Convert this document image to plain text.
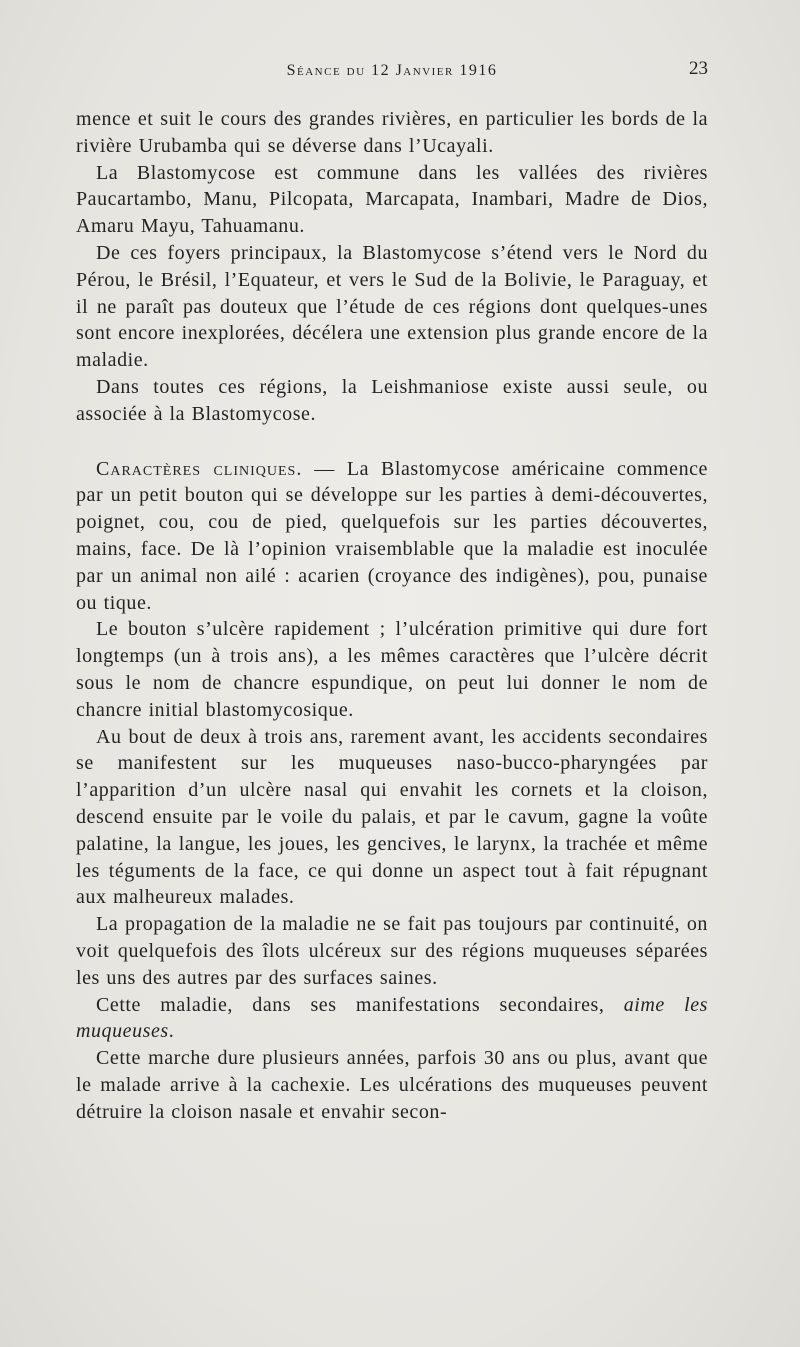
Séance du 12 Janvier 1916	23

mence et suit le cours des grandes rivières, en particulier les bords de la rivière Urubamba qui se déverse dans l’Ucayali.

La Blastomycose est commune dans les vallées des rivières Paucartambo, Manu, Pilcopata, Marcapata, Inambari, Madre de Dios, Amaru Mayu, Tahuamanu.

De ces foyers principaux, la Blastomycose s’étend vers le Nord du Pérou, le Brésil, l’Equateur, et vers le Sud de la Bolivie, le Paraguay, et il ne paraît pas douteux que l’étude de ces régions dont quelques-unes sont encore inexplorées, décélera une extension plus grande encore de la maladie.

Dans toutes ces régions, la Leishmaniose existe aussi seule, ou associée à la Blastomycose.

Caractères cliniques. — La Blastomycose américaine commence par un petit bouton qui se développe sur les parties à demi-découvertes, poignet, cou, cou de pied, quelquefois sur les parties découvertes, mains, face. De là l’opinion vraisemblable que la maladie est inoculée par un animal non ailé : acarien (croyance des indigènes), pou, punaise ou tique.

Le bouton s’ulcère rapidement ; l’ulcération primitive qui dure fort longtemps (un à trois ans), a les mêmes caractères que l’ulcère décrit sous le nom de chancre espundique, on peut lui donner le nom de chancre initial blastomycosique.

Au bout de deux à trois ans, rarement avant, les accidents secondaires se manifestent sur les muqueuses naso-bucco-pharyngées par l’apparition d’un ulcère nasal qui envahit les cornets et la cloison, descend ensuite par le voile du palais, et par le cavum, gagne la voûte palatine, la langue, les joues, les gencives, le larynx, la trachée et même les téguments de la face, ce qui donne un aspect tout à fait répugnant aux malheureux malades.

La propagation de la maladie ne se fait pas toujours par continuité, on voit quelquefois des îlots ulcéreux sur des régions muqueuses séparées les uns des autres par des surfaces saines.

Cette maladie, dans ses manifestations secondaires, aime les muqueuses.

Cette marche dure plusieurs années, parfois 30 ans ou plus, avant que le malade arrive à la cachexie. Les ulcérations des muqueuses peuvent détruire la cloison nasale et envahir secon-
